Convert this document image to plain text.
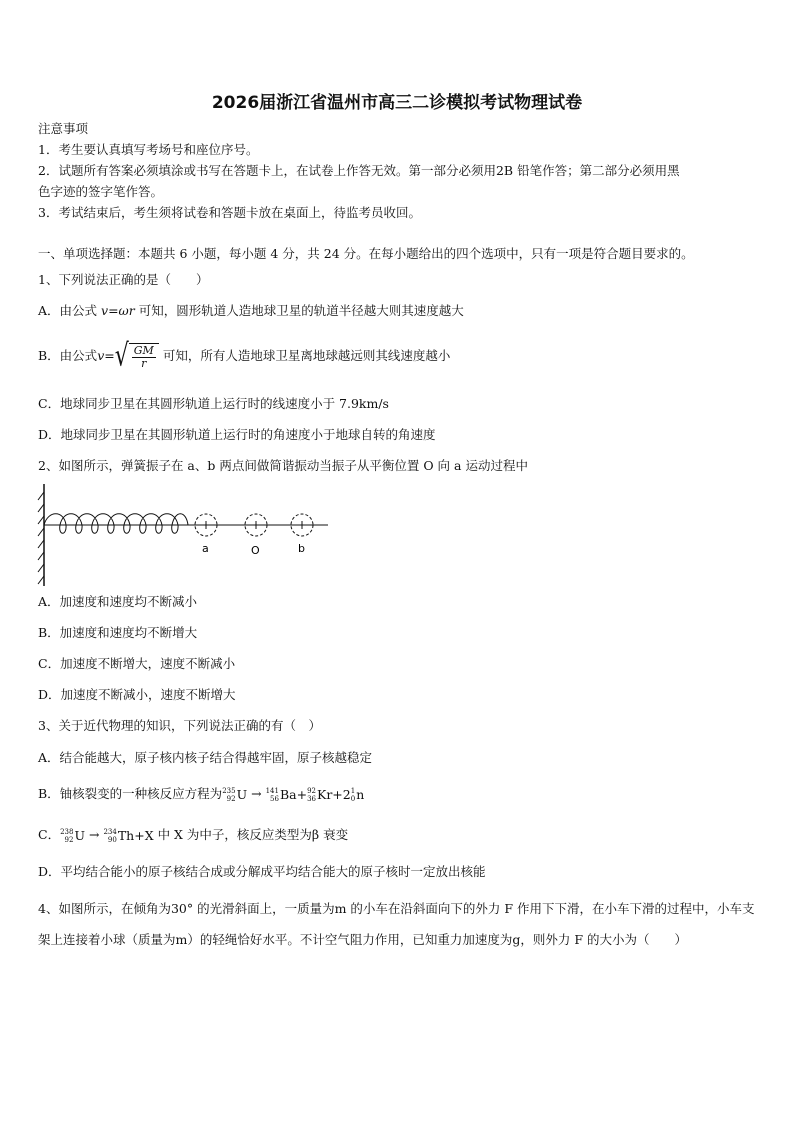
2026届浙江省温州市高三二诊模拟考试物理试卷
注意事项
1．考生要认真填写考场号和座位序号。
2．试题所有答案必须填涂或书写在答题卡上，在试卷上作答无效。第一部分必须用2B 铅笔作答；第二部分必须用黑
色字迹的签字笔作答。
3．考试结束后，考生须将试卷和答题卡放在桌面上，待监考员收回。
一、单项选择题：本题共 6 小题，每小题 4 分，共 24 分。在每小题给出的四个选项中，只有一项是符合题目要求的。
1、下列说法正确的是（　　）
A．由公式 v=ωr 可知，圆形轨道人造地球卫星的轨道半径越大则其速度越大
B．由公式v= √ $\frac{GM}{r}$ 可知，所有人造地球卫星离地球越远则其线速度越小
C．地球同步卫星在其圆形轨道上运行时的线速度小于 7.9km/s
D．地球同步卫星在其圆形轨道上运行时的角速度小于地球自转的角速度
2、如图所示，弹簧振子在 a、b 两点间做简谐振动当振子从平衡位置 O 向 a 运动过程中
a	O	b
A．加速度和速度均不断减小
B．加速度和速度均不断增大
C．加速度不断增大，速度不断减小
D．加速度不断减小，速度不断增大
3、关于近代物理的知识，下列说法正确的有（　）
A．结合能越大，原子核内核子结合得越牢固，原子核越稳定
B．铀核裂变的一种核反应方程为 235
92 U → 141
56 Ba+ 92
36 Kr+2 1
0 n
C． 238
92 U → 234
90 Th+X 中 X 为中子，核反应类型为β 衰变
D．平均结合能小的原子核结合成或分解成平均结合能大的原子核时一定放出核能
4、如图所示，在倾角为30° 的光滑斜面上，一质量为m 的小车在沿斜面向下的外力 F 作用下下滑，在小车下滑的过程中，小车支架上连接着小球（质量为m）的轻绳恰好水平。不计空气阻力作用，已知重力加速度为g，则外力 F 的大小为（　　）
